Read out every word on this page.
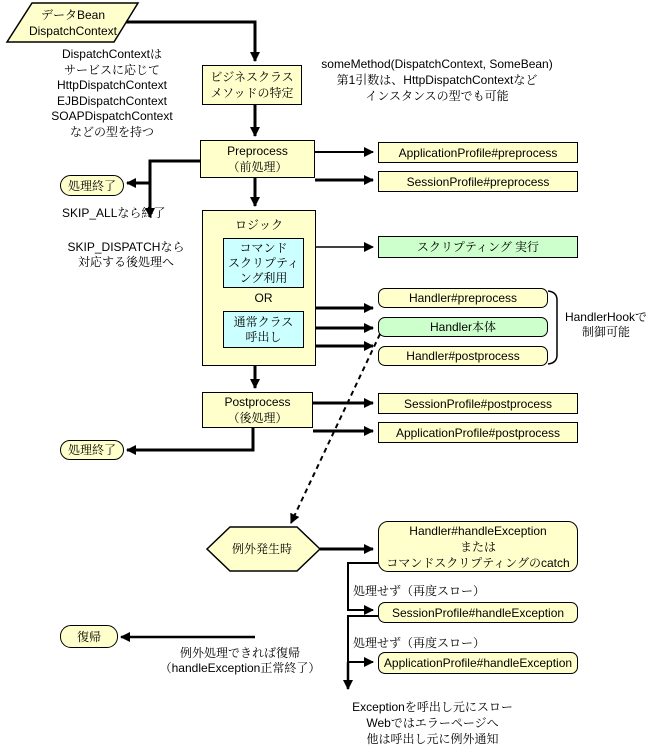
データBean
DispatchContext
DispatchContextは
サービスに応じて
HttpDispatchContext
EJBDispatchContext
SOAPDispatchContext
などの型を持つ
someMethod(DispatchContext, SomeBean)
第1引数は、HttpDispatchContextなど
インスタンスの型でも可能
ビジネスクラス
メソッドの特定
Preprocess
（前処理）
処理終了
SKIP_ALLなら終了
SKIP_DISPATCHなら
対応する後処理へ
ロジック
コマンド
スクリプティ
ング利用
OR
通常クラス
呼出し
ApplicationProfile#preprocess
SessionProfile#preprocess
スクリプティング 実行
Handler#preprocess
Handler本体
Handler#postprocess
HandlerHookで
制御可能
Postprocess
（後処理）
SessionProfile#postprocess
ApplicationProfile#postprocess
処理終了
例外発生時
Handler#handleException
または
コマンドスクリプティングのcatch
処理せず（再度スロー）
SessionProfile#handleException
処理せず（再度スロー）
ApplicationProfile#handleException
復帰
例外処理できれば復帰
（handleException正常終了）
Exceptionを呼出し元にスロー
Webではエラーページへ
他は呼出し元に例外通知
